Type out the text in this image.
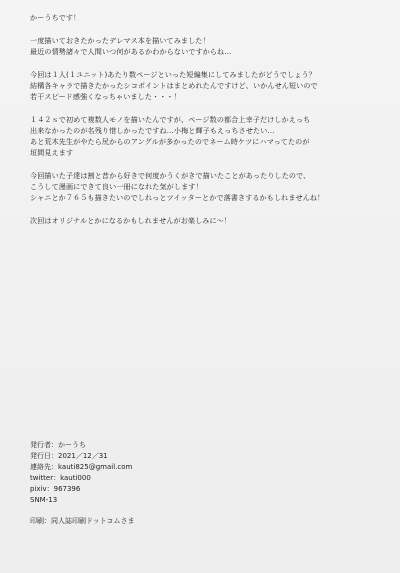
かーうちです！
一度描いておきたかったデレマス本を描いてみました！
最近の情勢諸々で人間いつ何があるかわからないですからね…
今回は１人(１ユニット)あたり数ページといった短編集にしてみましたがどうでしょう？
結構各キャラで描きたかったシコポイントはまとめれたんですけど、いかんせん短いので
若干スピード感強くなっちゃいました・・・！
１４２ｓで初めて複数人モノを描いたんですが、ページ数の都合上幸子だけしかえっち
出来なかったのが名残り惜しかったですね…小梅と輝子もえっちさせたい…
あと荒木先生がやたら尻からのアングルが多かったのでネーム時ケツにハマってたのが
垣間見えます
今回描いた子達は割と昔から好きで何度かうくがきで描いたことがあったりしたので、
こうして漫画にできて良い一冊になれた気がします！
シャニとか７６５も描きたいのでしれっとツイッターとかで落書きするかもしれませんね！
次回はオリジナルとかになるかもしれませんがお楽しみに～！
発行者：かーうち
発行日：2021／12／31
連絡先：kauti825@gmail.com
twitter：kauti000
pixiv：967396
SNM-13
印刷：同人誌印刷ドットコムさま
